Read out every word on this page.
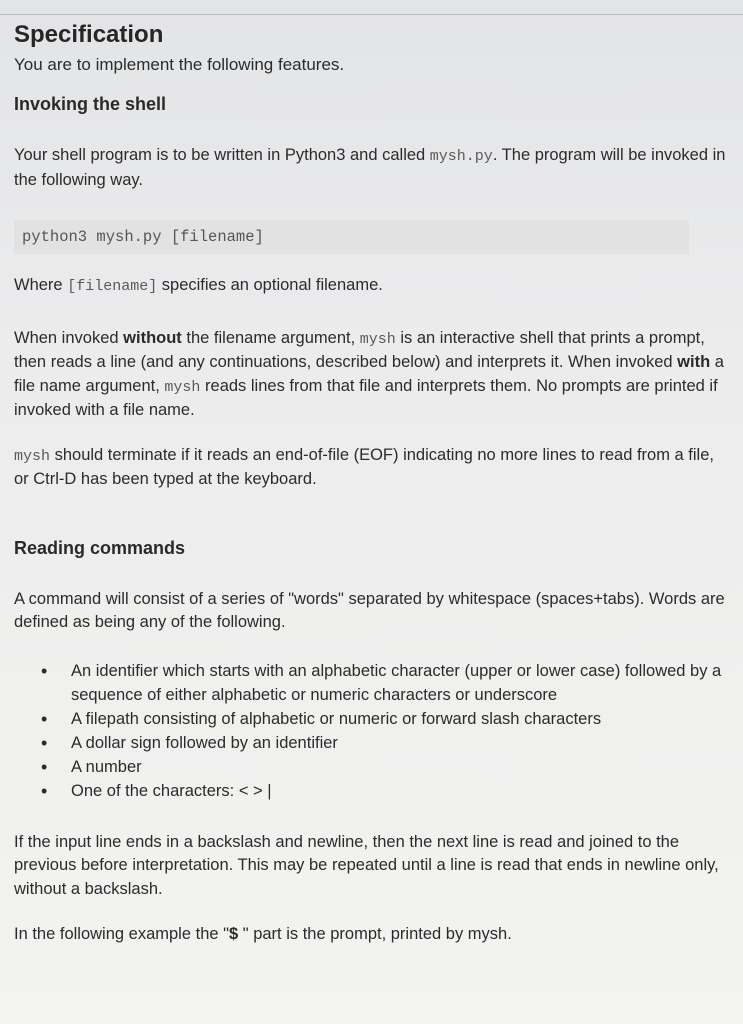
Specification
You are to implement the following features.
Invoking the shell

Your shell program is to be written in Python3 and called mysh.py. The program will be invoked in the following way.

python3 mysh.py [filename]

Where [filename] specifies an optional filename.

When invoked without the filename argument, mysh is an interactive shell that prints a prompt, then reads a line (and any continuations, described below) and interprets it. When invoked with a file name argument, mysh reads lines from that file and interprets them. No prompts are printed if invoked with a file name.

mysh should terminate if it reads an end-of-file (EOF) indicating no more lines to read from a file, or Ctrl-D has been typed at the keyboard.

Reading commands

A command will consist of a series of "words" separated by whitespace (spaces+tabs). Words are defined as being any of the following.

• An identifier which starts with an alphabetic character (upper or lower case) followed by a sequence of either alphabetic or numeric characters or underscore
• A filepath consisting of alphabetic or numeric or forward slash characters
• A dollar sign followed by an identifier
• A number
• One of the characters: < > |

If the input line ends in a backslash and newline, then the next line is read and joined to the previous before interpretation. This may be repeated until a line is read that ends in newline only, without a backslash.

In the following example the "$ " part is the prompt, printed by mysh.
